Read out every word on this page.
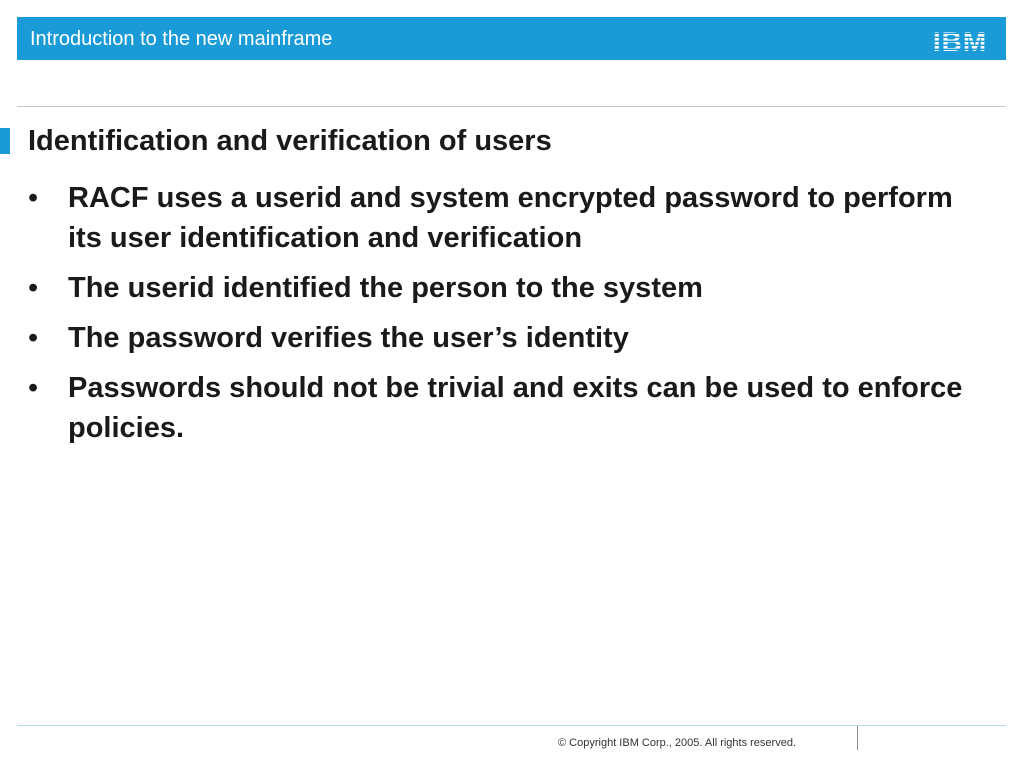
Introduction to the new mainframe	IBM
Identification and verification of users
•	RACF uses a userid and system encrypted password to perform its user identification and verification
•	The userid identified the person to the system
•	The password verifies the user’s identity
•	Passwords should not be trivial and exits can be used to enforce policies.
© Copyright IBM Corp., 2005. All rights reserved.
